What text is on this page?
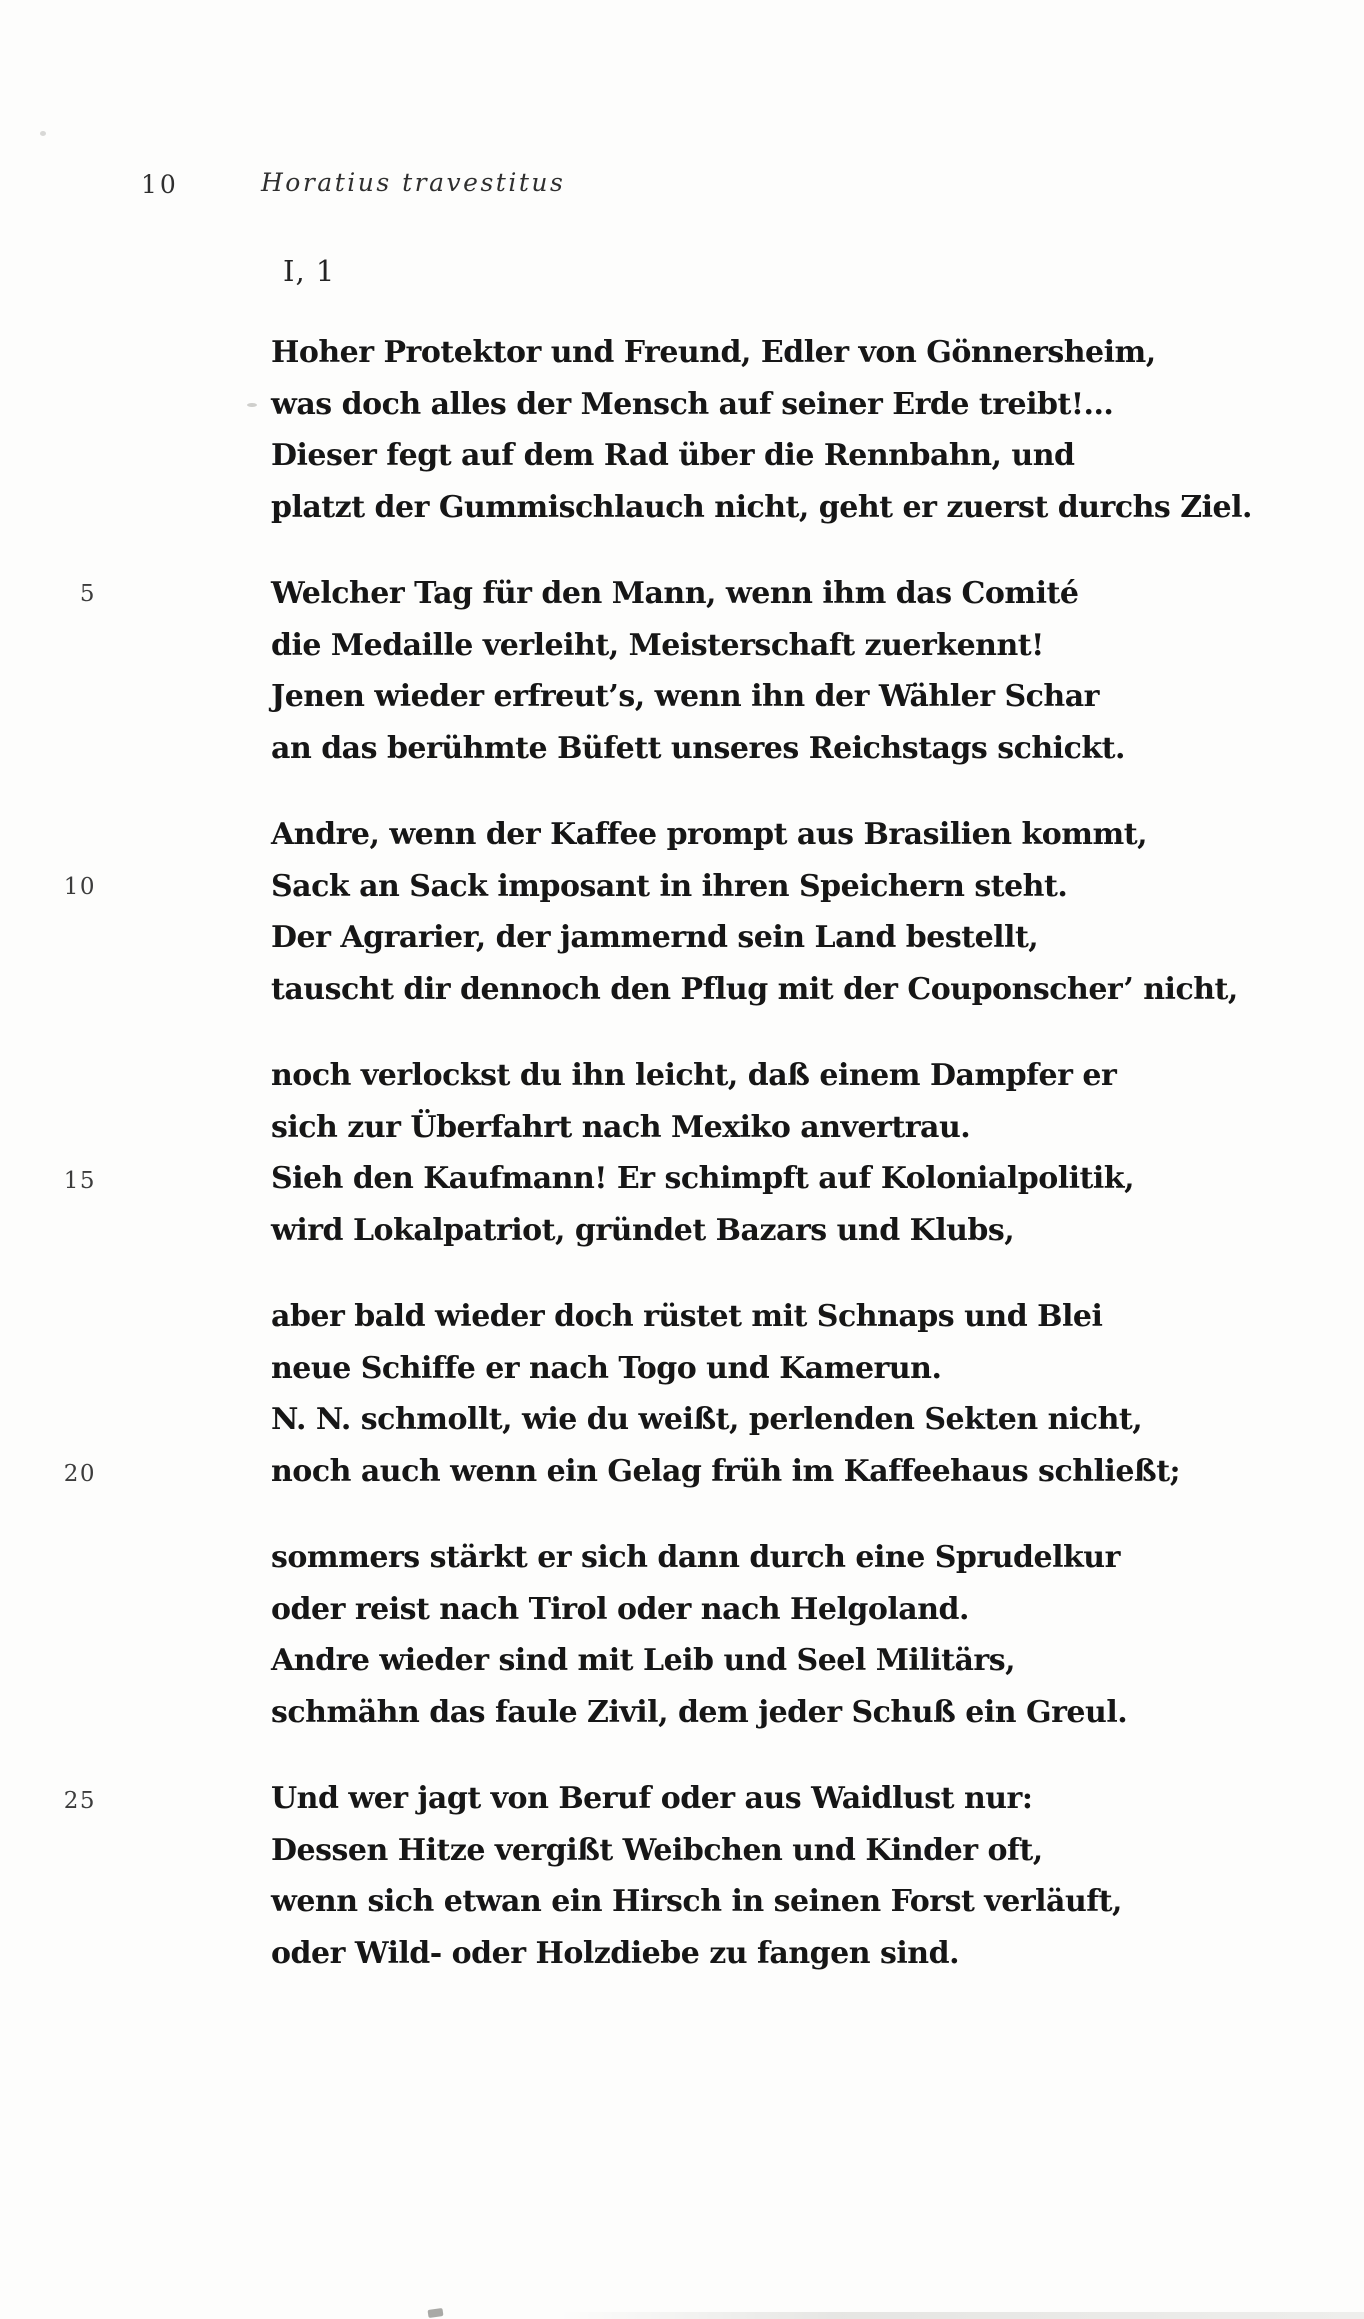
10	Horatius travestitus
I, 1
5
10
15
20
25
Hoher Protektor und Freund, Edler von Gönnersheim,
was doch alles der Mensch auf seiner Erde treibt!...
Dieser fegt auf dem Rad über die Rennbahn, und
platzt der Gummischlauch nicht, geht er zuerst durchs Ziel.
Welcher Tag für den Mann, wenn ihm das Comité
die Medaille verleiht, Meisterschaft zuerkennt!
Jenen wieder erfreut’s, wenn ihn der Wähler Schar
an das berühmte Büfett unseres Reichstags schickt.
Andre, wenn der Kaffee prompt aus Brasilien kommt,
Sack an Sack imposant in ihren Speichern steht.
Der Agrarier, der jammernd sein Land bestellt,
tauscht dir dennoch den Pflug mit der Couponscher’ nicht,
noch verlockst du ihn leicht, daß einem Dampfer er
sich zur Überfahrt nach Mexiko anvertrau.
Sieh den Kaufmann! Er schimpft auf Kolonialpolitik,
wird Lokalpatriot, gründet Bazars und Klubs,
aber bald wieder doch rüstet mit Schnaps und Blei
neue Schiffe er nach Togo und Kamerun.
N. N. schmollt, wie du weißt, perlenden Sekten nicht,
noch auch wenn ein Gelag früh im Kaffeehaus schließt;
sommers stärkt er sich dann durch eine Sprudelkur
oder reist nach Tirol oder nach Helgoland.
Andre wieder sind mit Leib und Seel Militärs,
schmähn das faule Zivil, dem jeder Schuß ein Greul.
Und wer jagt von Beruf oder aus Waidlust nur:
Dessen Hitze vergißt Weibchen und Kinder oft,
wenn sich etwan ein Hirsch in seinen Forst verläuft,
oder Wild- oder Holzdiebe zu fangen sind.
